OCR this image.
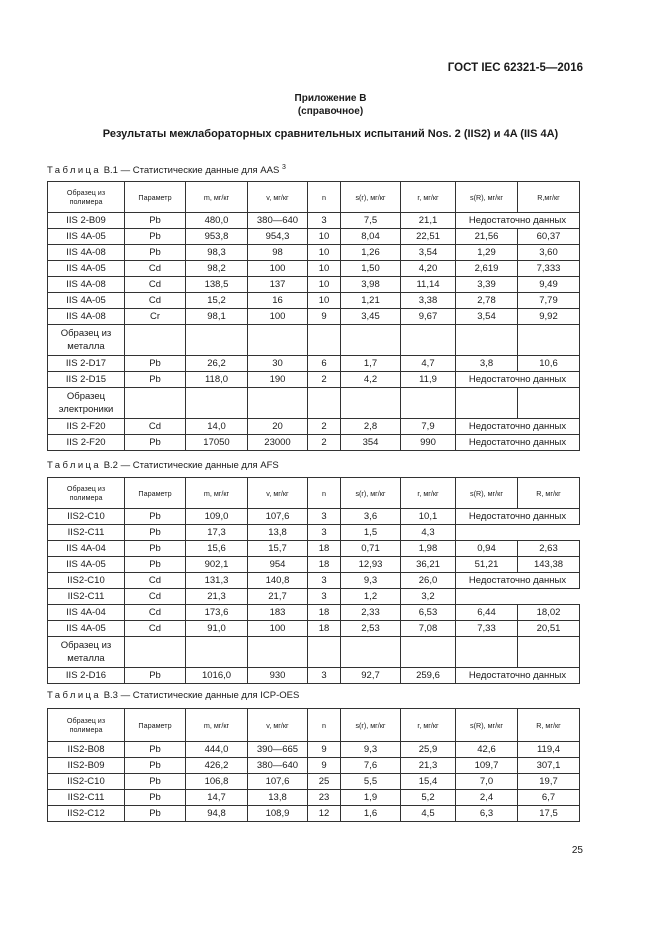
ГОСТ IEC 62321-5—2016
Приложение В
(справочное)
Результаты межлабораторных сравнительных испытаний Nos. 2 (IIS2) и 4A (IIS 4A)
Таблица В.1 — Статистические данные для AAS $^3$
Образец из полимера	Параметр	m, мг/кг	v, мг/кг	n	s(r), мг/кг	r, мг/кг	s(R), мг/кг	R,мг/кг
IIS 2-B09	Pb	480,0	380—640	3	7,5	21,1	Недостаточно данных	
IIS 4A-05	Pb	953,8	954,3	10	8,04	22,51	21,56	60,37
IIS 4A-08	Pb	98,3	98	10	1,26	3,54	1,29	3,60
IIS 4A-05	Cd	98,2	100	10	1,50	4,20	2,619	7,333
IIS 4A-08	Cd	138,5	137	10	3,98	11,14	3,39	9,49
IIS 4A-05	Cd	15,2	16	10	1,21	3,38	2,78	7,79
IIS 4A-08	Cr	98,1	100	9	3,45	9,67	3,54	9,92
Образец из металла								
IIS 2-D17	Pb	26,2	30	6	1,7	4,7	3,8	10,6
IIS 2-D15	Pb	118,0	190	2	4,2	11,9	Недостаточно данных	
Образец электроники								
IIS 2-F20	Cd	14,0	20	2	2,8	7,9	Недостаточно данных	
IIS 2-F20	Pb	17050	23000	2	354	990	Недостаточно данных	
Таблица В.2 — Статистические данные для AFS
Образец из полимера	Параметр	m, мг/кг	v, мг/кг	n	s(r), мг/кг	r, мг/кг	s(R), мг/кг	R, мг/кг
IIS2-C10	Pb	109,0	107,6	3	3,6	10,1	Недостаточно данных	
IIS2-C11	Pb	17,3	13,8	3	1,5	4,3		
IIS 4A-04	Pb	15,6	15,7	18	0,71	1,98	0,94	2,63
IIS 4A-05	Pb	902,1	954	18	12,93	36,21	51,21	143,38
IIS2-C10	Cd	131,3	140,8	3	9,3	26,0	Недостаточно данных	
IIS2-C11	Cd	21,3	21,7	3	1,2	3,2		
IIS 4A-04	Cd	173,6	183	18	2,33	6,53	6,44	18,02
IIS 4A-05	Cd	91,0	100	18	2,53	7,08	7,33	20,51
Образец из металла								
IIS 2-D16	Pb	1016,0	930	3	92,7	259,6	Недостаточно данных	
Таблица В.3 — Статистические данные для ICP-OES
Образец из полимера	Параметр	m, мг/кг	v, мг/кг	n	s(r), мг/кг	r, мг/кг	s(R), мг/кг	R, мг/кг
IIS2-B08	Pb	444,0	390—665	9	9,3	25,9	42,6	119,4
IIS2-B09	Pb	426,2	380—640	9	7,6	21,3	109,7	307,1
IIS2-C10	Pb	106,8	107,6	25	5,5	15,4	7,0	19,7
IIS2-C11	Pb	14,7	13,8	23	1,9	5,2	2,4	6,7
IIS2-C12	Pb	94,8	108,9	12	1,6	4,5	6,3	17,5
25
